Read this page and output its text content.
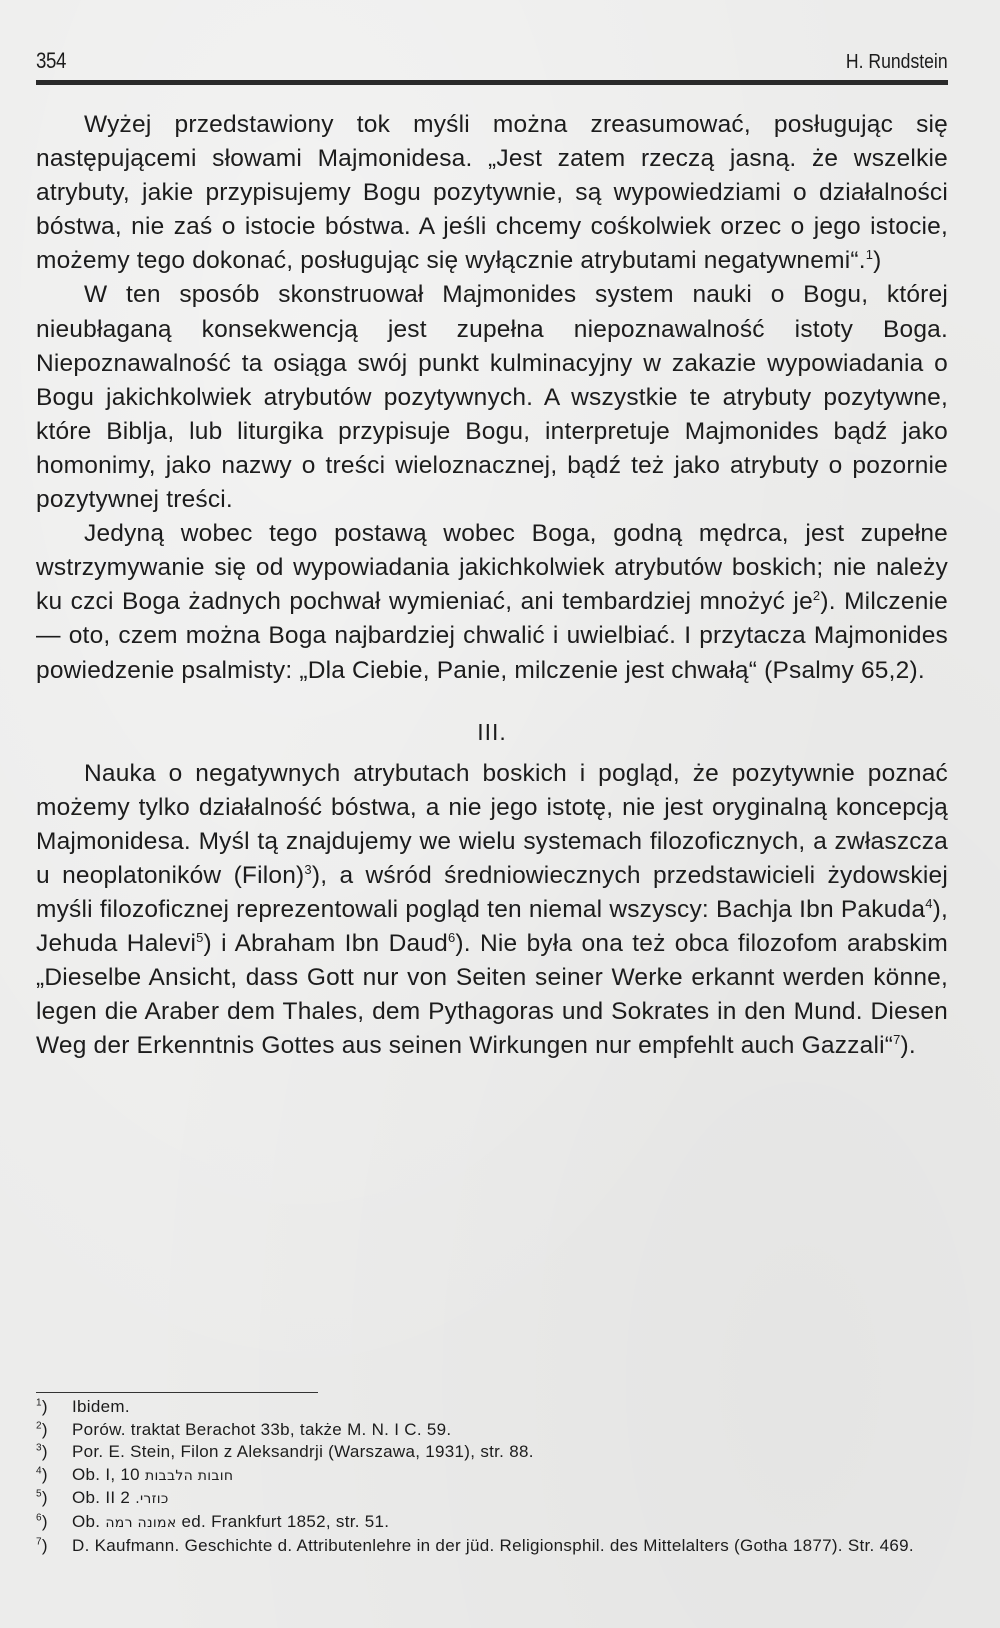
354	H. Rundstein

Wyżej przedstawiony tok myśli można zreasumować, posługując się następującemi słowami Majmonidesa. „Jest zatem rzeczą jasną. że wszelkie atrybuty, jakie przypisujemy Bogu pozytywnie, są wypowiedziami o działalności bóstwa, nie zaś o istocie bóstwa. A jeśli chcemy cośkolwiek orzec o jego istocie, możemy tego dokonać, posługując się wyłącznie atrybutami negatywnemi“.$^1$)

W ten sposób skonstruował Majmonides system nauki o Bogu, której nieubłaganą konsekwencją jest zupełna niepoznawalność istoty Boga. Niepoznawalność ta osiąga swój punkt kulminacyjny w zakazie wypowiadania o Bogu jakichkolwiek atrybutów pozytywnych. A wszystkie te atrybuty pozytywne, które Biblja, lub liturgika przypisuje Bogu, interpretuje Majmonides bądź jako homonimy, jako nazwy o treści wieloznacznej, bądź też jako atrybuty o pozornie pozytywnej treści.

Jedyną wobec tego postawą wobec Boga, godną mędrca, jest zupełne wstrzymywanie się od wypowiadania jakichkolwiek atrybutów boskich; nie należy ku czci Boga żadnych pochwał wymieniać, ani tembardziej mnożyć $je^2$). Milczenie — oto, czem można Boga najbardziej chwalić i uwielbiać. I przytacza Majmonides powiedzenie psalmisty: „Dla Ciebie, Panie, milczenie jest chwałą“ (Psalmy 65,2).

III.

Nauka o negatywnych atrybutach boskich i pogląd, że pozytywnie poznać możemy tylko działalność bóstwa, a nie jego istotę, nie jest oryginalną koncepcją Majmonidesa. Myśl tą znajdujemy we wielu systemach filozoficznych, a zwłaszcza u neoplatoników (Filon)$^3$), a wśród średniowiecznych przedstawicieli żydowskiej myśli filozoficznej reprezentowali pogląd ten niemal wszyscy: Bachja Ibn Pakuda$^4$), Jehuda Halevi$^5$) i Abraham Ibn Daud$^6$). Nie była ona też obca filozofom arabskim „Dieselbe Ansicht, dass Gott nur von Seiten seiner Werke erkannt werden könne, legen die Araber dem Thales, dem Pythagoras und Sokrates in den Mund. Diesen Weg der Erkenntnis Gottes aus seinen Wirkungen nur empfehlt auch Gazzali“$^7$).

$^1$)	Ibidem.
$^2$)	Porów. traktat Berachot 33b, także M. N. I C. 59.
$^3$)	Por. E. Stein, Filon z Aleksandrji (Warszawa, 1931), str. 88.
$^4$)	Ob. I, 10 חובות הלבבות
$^5$)	Ob. II 2 כוזרי.
$^6$)	Ob. אמונה רמה ed. Frankfurt 1852, str. 51.
$^7$)	D. Kaufmann. Geschichte d. Attributenlehre in der jüd. Religionsphil. des Mittelalters (Gotha 1877). Str. 469.
